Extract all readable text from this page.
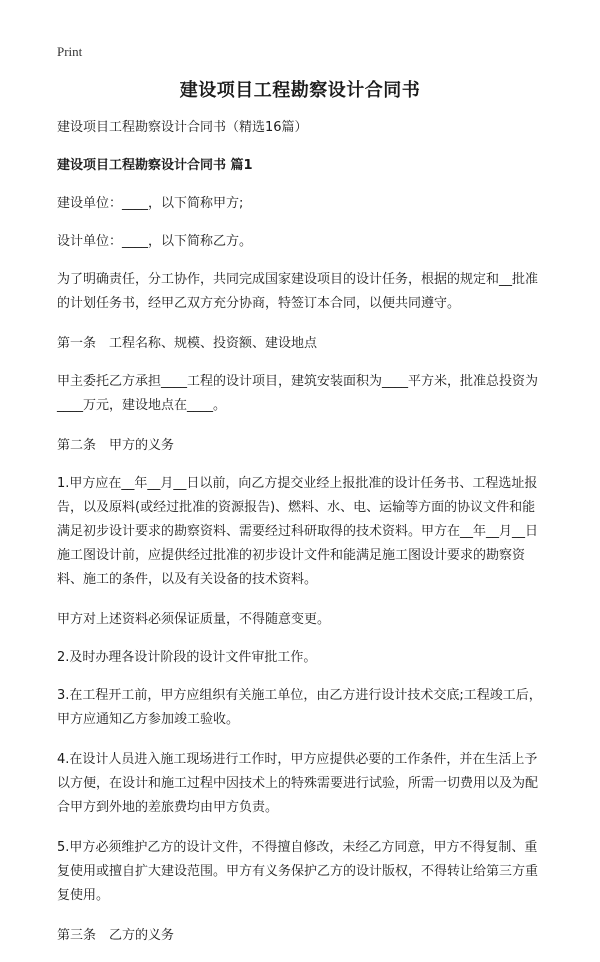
Print
建设项目工程勘察设计合同书

建设项目工程勘察设计合同书（精选16篇）

建设项目工程勘察设计合同书 篇1

建设单位：____，以下简称甲方;

设计单位：____，以下简称乙方。

为了明确责任，分工协作，共同完成国家建设项目的设计任务，根据的规定和__批准的计划任务书，经甲乙双方充分协商，特签订本合同，以便共同遵守。

第一条　工程名称、规模、投资额、建设地点

甲主委托乙方承担____工程的设计项目，建筑安装面积为____平方米，批准总投资为____万元，建设地点在____。

第二条　甲方的义务

1.甲方应在__年__月__日以前，向乙方提交业经上报批准的设计任务书、工程选址报告，以及原料(或经过批准的资源报告)、燃料、水、电、运输等方面的协议文件和能满足初步设计要求的勘察资料、需要经过科研取得的技术资料。甲方在__年__月__日施工图设计前，应提供经过批准的初步设计文件和能满足施工图设计要求的勘察资料、施工的条件，以及有关设备的技术资料。

甲方对上述资料必须保证质量，不得随意变更。

2.及时办理各设计阶段的设计文件审批工作。

3.在工程开工前，甲方应组织有关施工单位，由乙方进行设计技术交底;工程竣工后，甲方应通知乙方参加竣工验收。

4.在设计人员进入施工现场进行工作时，甲方应提供必要的工作条件，并在生活上予以方便，在设计和施工过程中因技术上的特殊需要进行试验，所需一切费用以及为配合甲方到外地的差旅费均由甲方负责。

5.甲方必须维护乙方的设计文件，不得擅自修改，未经乙方同意，甲方不得复制、重复使用或擅自扩大建设范围。甲方有义务保护乙方的设计版权，不得转让给第三方重复使用。

第三条　乙方的义务
